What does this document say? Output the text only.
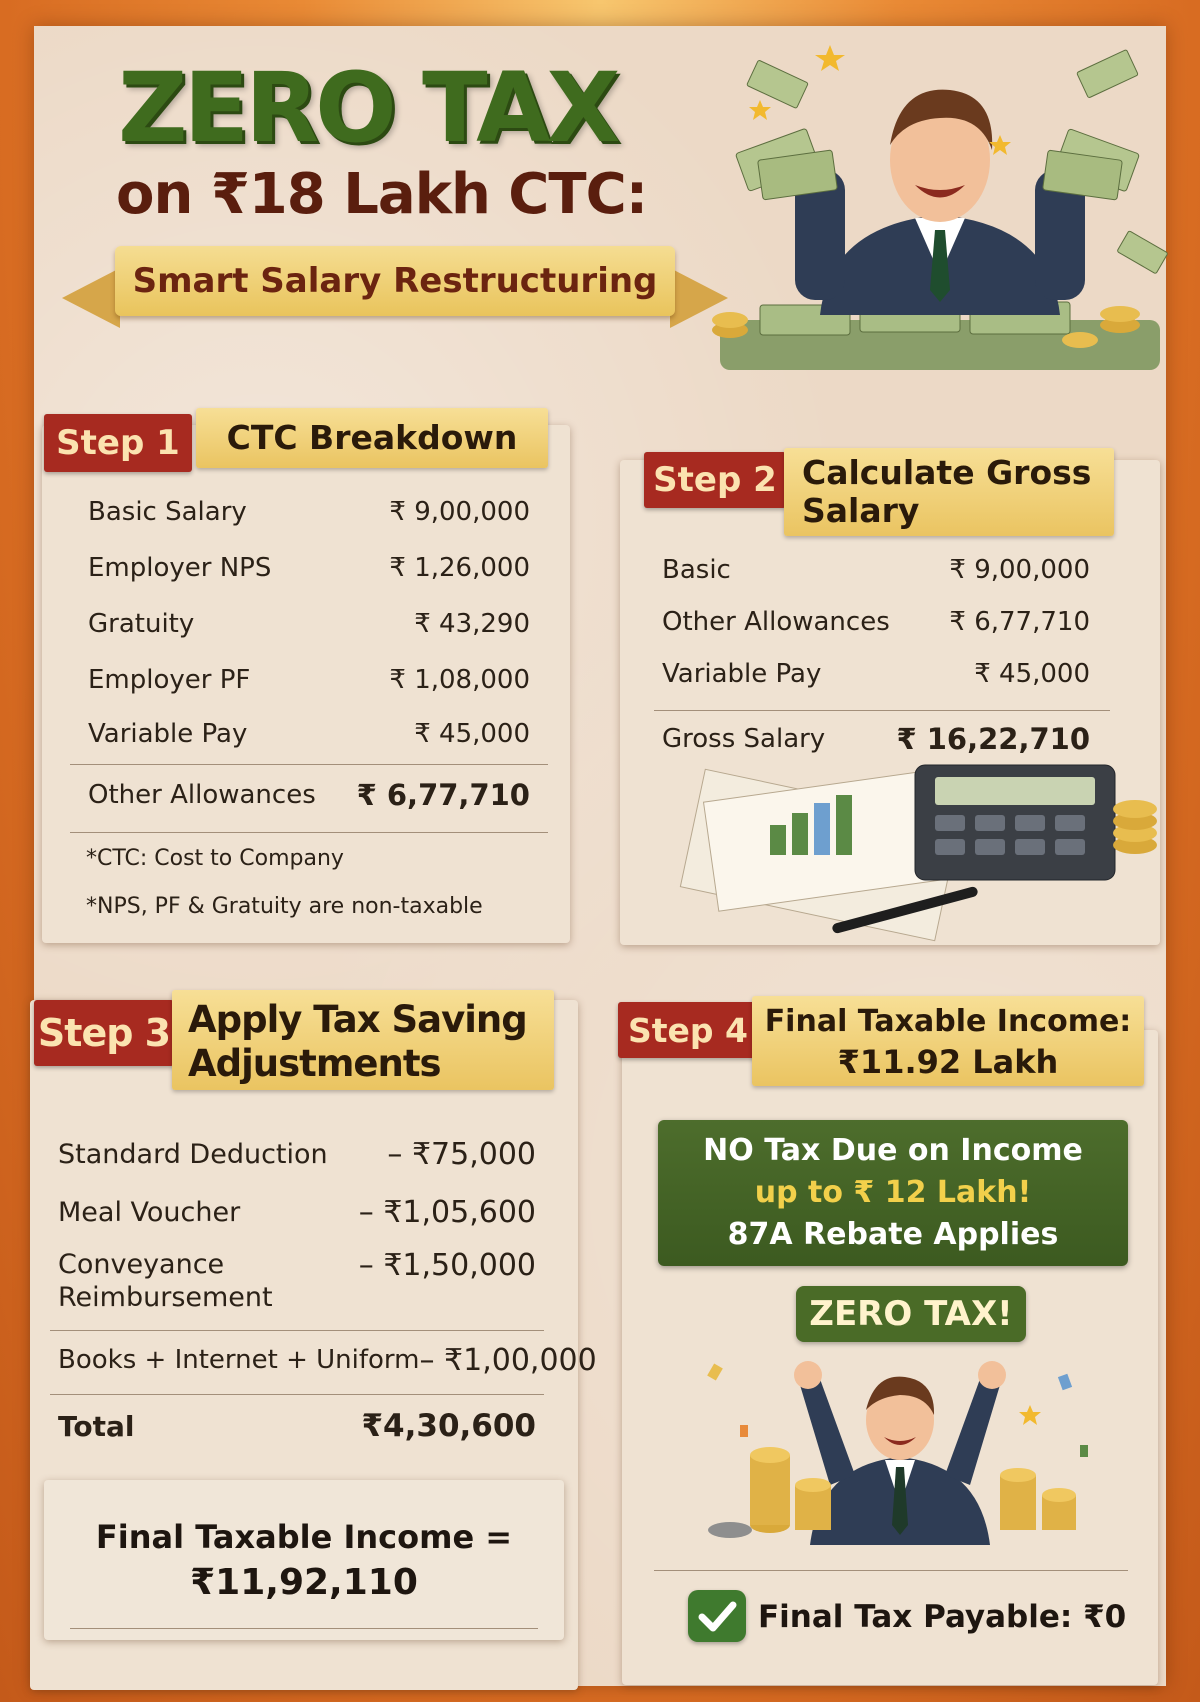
ZERO TAX
on ₹18 Lakh CTC:
Smart Salary Restructuring
Step 1	CTC Breakdown
Basic Salary	₹ 9,00,000
Employer NPS	₹ 1,26,000
Gratuity	₹ 43,290
Employer PF	₹ 1,08,000
Variable Pay	₹ 45,000
Other Allowances ₹ 6,77,710
*CTC: Cost to Company
*NPS, PF & Gratuity are non-taxable
Step 2 Calculate Gross
Salary
Basic	₹ 9,00,000
Other Allowances ₹ 6,77,710
Variable Pay	₹ 45,000
Gross Salary ₹ 16,22,710
Step 3 Apply Tax Saving
Adjustments
Standard Deduction – ₹75,000
Meal Voucher	– ₹1,05,600
Conveyance
Reimbursement
– ₹1,50,000
Books + Internet + Uniform – ₹1,00,000
Total	₹4,30,600
Final Taxable Income =
₹11,92,110
Step 4 Final Taxable Income:
₹11.92 Lakh
NO Tax Due on Income
up to ₹ 12 Lakh!
87A Rebate Applies
ZERO TAX!
Final Tax Payable: ₹0
